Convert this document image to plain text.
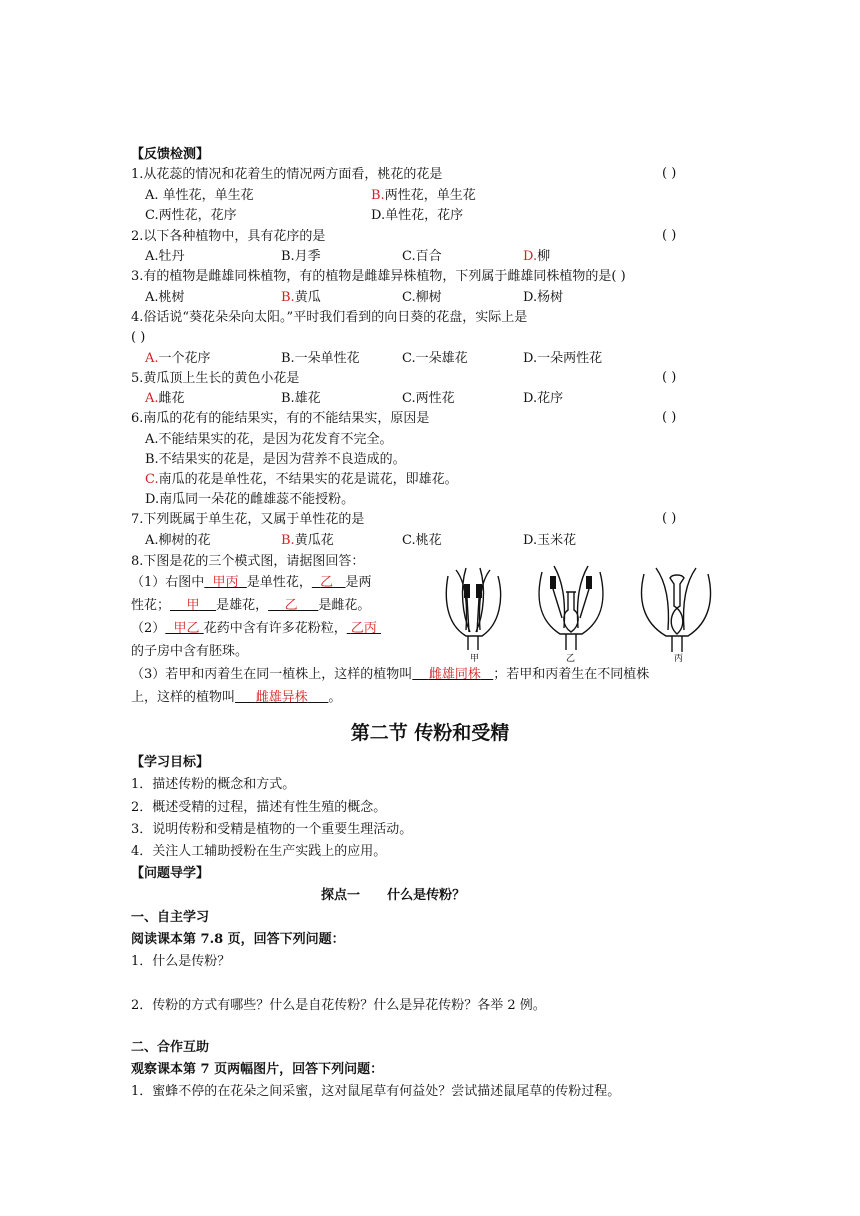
【反馈检测】
1.从花蕊的情况和花着生的情况两方面看，桃花的花是	( )
A. 单性花，单生花	B.两性花，单生花
C.两性花，花序	D.单性花，花序
2.以下各种植物中，具有花序的是	( )
A.牡丹	B.月季	C.百合	D.柳
3.有的植物是雌雄同株植物，有的植物是雌雄异株植物，下列属于雌雄同株植物的是( )
A.桃树	B.黄瓜	C.柳树	D.杨树
4.俗话说“葵花朵朵向太阳。”平时我们看到的向日葵的花盘，实际上是
( )
A.一个花序	B.一朵单性花	C.一朵雄花	D.一朵两性花
5.黄瓜顶上生长的黄色小花是	( )
A.雌花	B.雄花	C.两性花	D.花序
6.南瓜的花有的能结果实，有的不能结果实，原因是	( )
A.不能结果实的花，是因为花发育不完全。
B.不结果实的花是，是因为营养不良造成的。
C.南瓜的花是单性花，不结果实的花是谎花，即雄花。
D.南瓜同一朵花的雌雄蕊不能授粉。
7.下列既属于单生花，又属于单性花的是	( )
A.柳树的花	B.黄瓜花	C.桃花	D.玉米花
8.下图是花的三个模式图，请据图回答：
（1）右图中 甲丙 是单性花， 乙 是两
性花； 甲 是雄花， 乙 是雌花。
（2） 甲乙 花药中含有许多花粉粒， 乙丙
的子房中含有胚珠。
（3）若甲和丙着生在同一植株上，这样的植物叫 雌雄同株 ；若甲和丙着生在不同植株
上，这样的植物叫 雌雄异株 。
甲	乙	丙
第二节 传粉和受精
【学习目标】
1．描述传粉的概念和方式。
2．概述受精的过程，描述有性生殖的概念。
3．说明传粉和受精是植物的一个重要生理活动。
4．关注人工辅助授粉在生产实践上的应用。
【问题导学】
探点一      什么是传粉？
一、自主学习
阅读课本第 7.8 页，回答下列问题：
1．什么是传粉？
2．传粉的方式有哪些？什么是自花传粉？什么是异花传粉？各举 2 例。
二、合作互助
观察课本第 7 页两幅图片，回答下列问题：
1．蜜蜂不停的在花朵之间采蜜，这对鼠尾草有何益处？尝试描述鼠尾草的传粉过程。
